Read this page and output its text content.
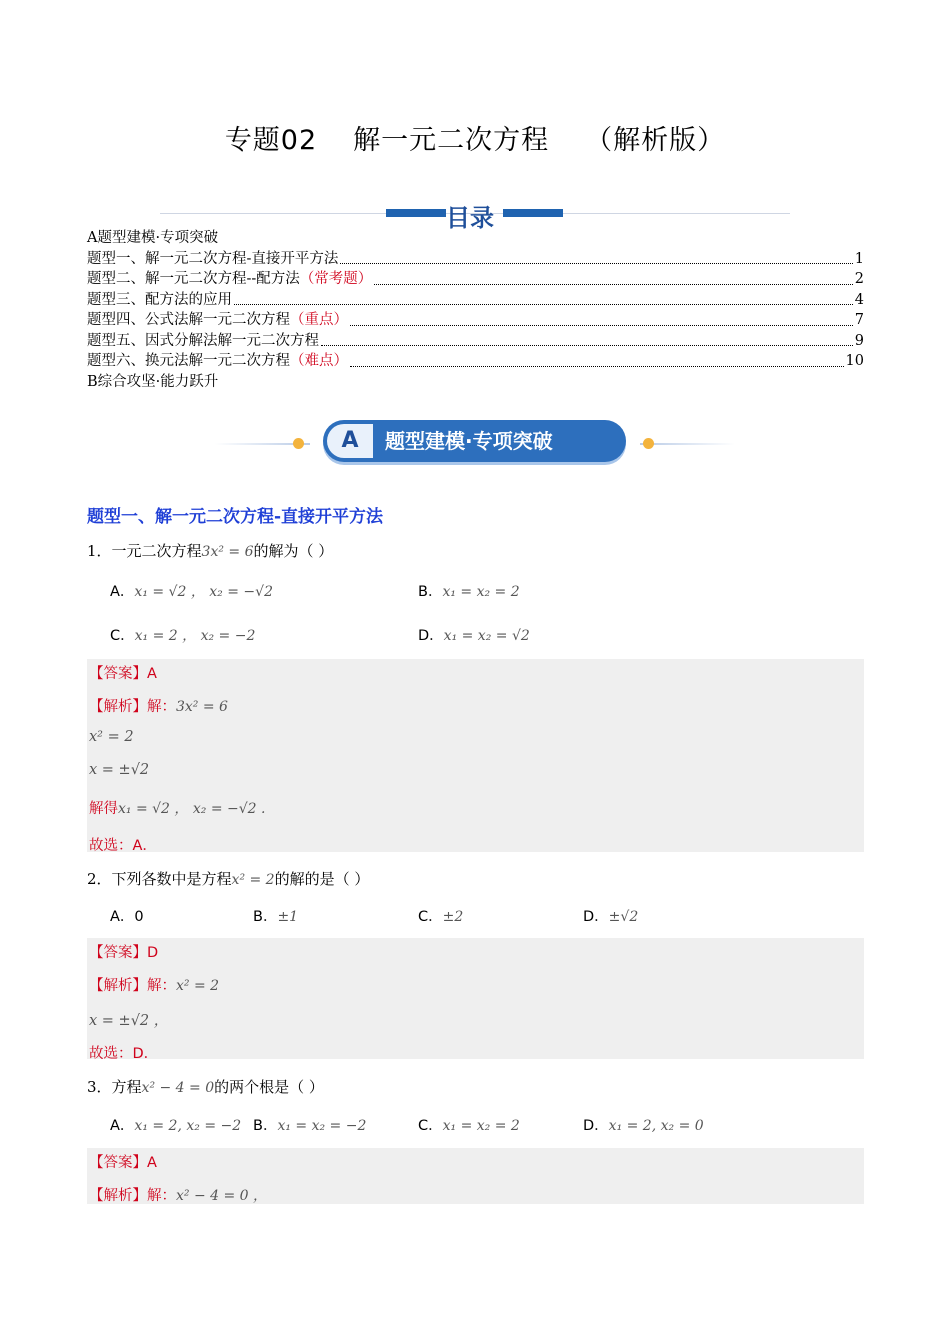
专题02 解一元二次方程 （解析版）
目录
A题型建模·专项突破
题型一、解一元二次方程-直接开平方法	1
题型二、解一元二次方程--配方法 （常考题）	2
题型三、配方法的应用	4
题型四、公式法解一元二次方程 （重点）	7
题型五、因式分解法解一元二次方程	9
题型六、换元法解一元二次方程 （难点）	10
B综合攻坚·能力跃升
A	题型建模·专项突破
题型一、解一元二次方程-直接开平方法
1．一元二次方程3x² = 6的解为（ ）
A．x₁ = √2 ， x₂ = −√2	B．x₁ = x₂ = 2
C．x₁ = 2 ， x₂ = −2	D．x₁ = x₂ = √2
【答案】A
【解析】解：3x² = 6
x² = 2
x = ±√2
解得x₁ = √2 ， x₂ = −√2 .
故选：A．
2．下列各数中是方程x² = 2的解的是（ ）
A．0	B．±1	C．±2	D．±√2
【答案】D
【解析】解：x² = 2
x = ±√2 ，
故选：D．
3．方程x² − 4 = 0的两个根是（ ）
A．x₁ = 2, x₂ = −2 B．x₁ = x₂ = −2	C．x₁ = x₂ = 2	D．x₁ = 2, x₂ = 0
【答案】A
【解析】解：x² − 4 = 0 ，
